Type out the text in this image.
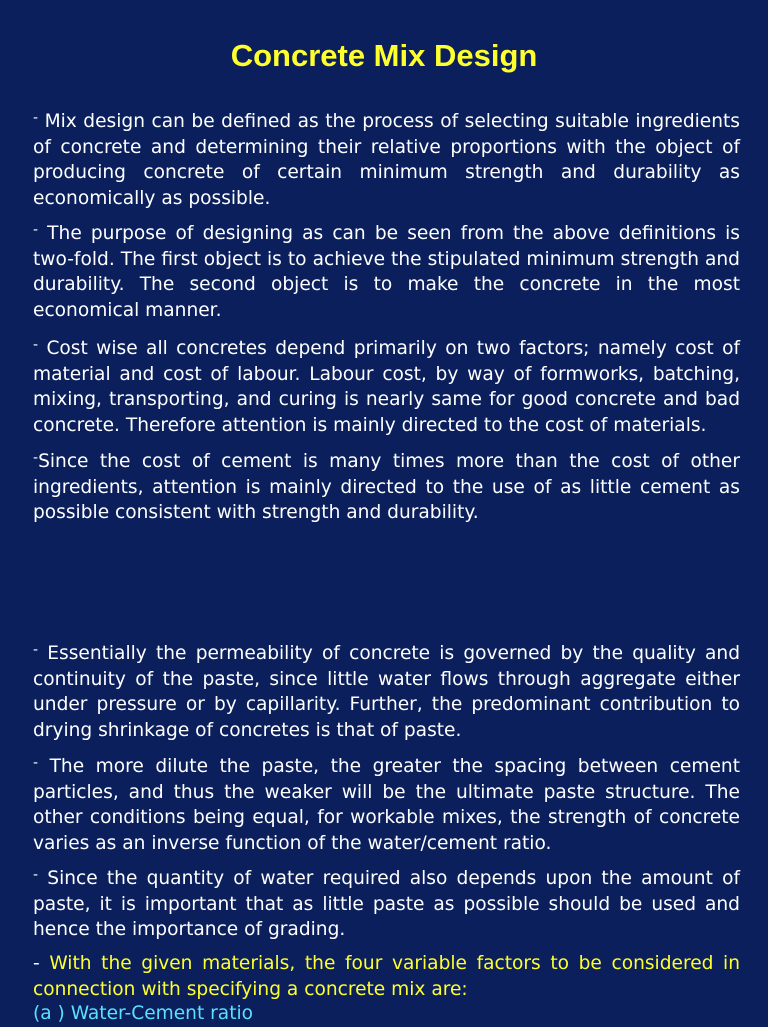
Concrete Mix Design

- Mix design can be defined as the process of selecting suitable ingredients of concrete and determining their relative proportions with the object of producing concrete of certain minimum strength and durability as economically as possible.

- The purpose of designing as can be seen from the above definitions is two-fold. The first object is to achieve the stipulated minimum strength and durability. The second object is to make the concrete in the most economical manner.

- Cost wise all concretes depend primarily on two factors; namely cost of material and cost of labour. Labour cost, by way of formworks, batching, mixing, transporting, and curing is nearly same for good concrete and bad concrete. Therefore attention is mainly directed to the cost of materials.

-Since the cost of cement is many times more than the cost of other ingredients, attention is mainly directed to the use of as little cement as possible consistent with strength and durability.

- Essentially the permeability of concrete is governed by the quality and continuity of the paste, since little water flows through aggregate either under pressure or by capillarity. Further, the predominant contribution to drying shrinkage of concretes is that of paste.

- The more dilute the paste, the greater the spacing between cement particles, and thus the weaker will be the ultimate paste structure. The other conditions being equal, for workable mixes, the strength of concrete varies as an inverse function of the water/cement ratio.

- Since the quantity of water required also depends upon the amount of paste, it is important that as little paste as possible should be used and hence the importance of grading.

- With the given materials, the four variable factors to be considered in connection with specifying a concrete mix are:

(a ) Water-Cement ratio
